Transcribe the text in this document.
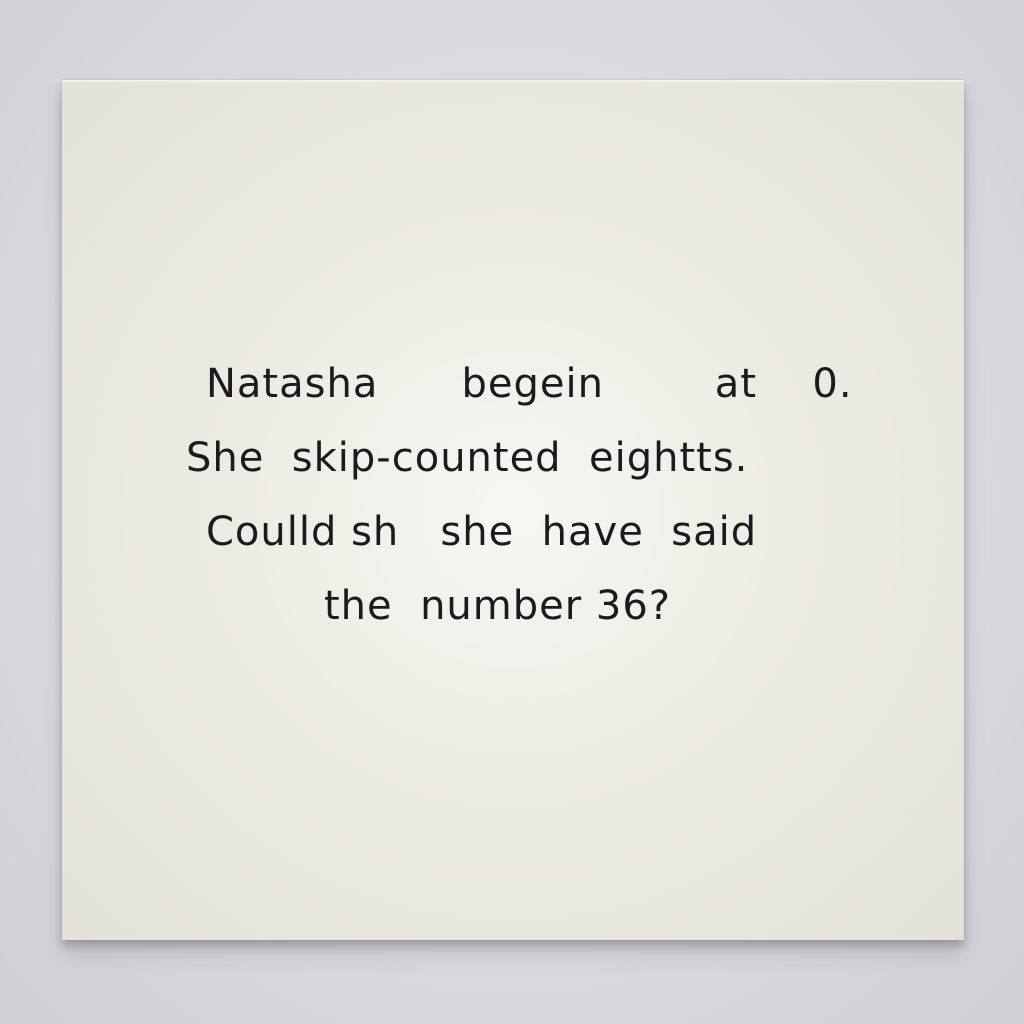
Natasha   begein    at  0.
She  skip-counted  eightts.
Coulld sh   she  have  said
the  number 36?
